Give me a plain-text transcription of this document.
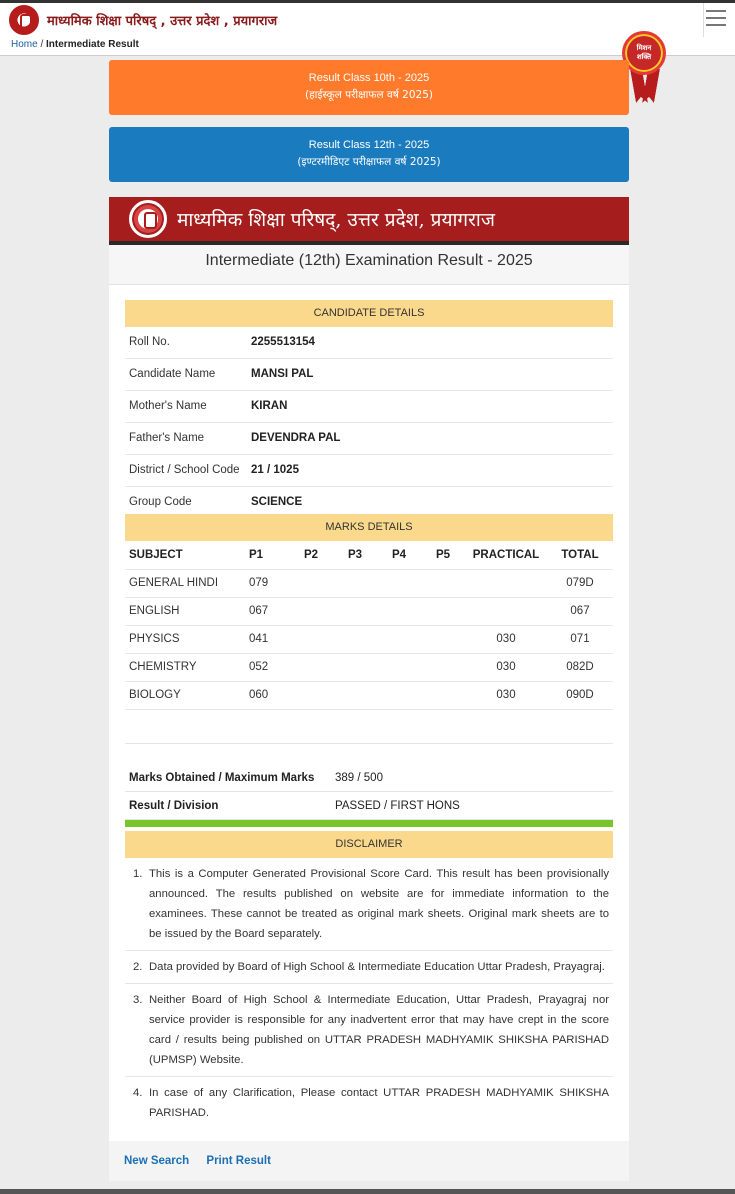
माध्यमिक शिक्षा परिषद् , उत्तर प्रदेश , प्रयागराज
Home / Intermediate Result	मिशन
शक्ति
Result Class 10th - 2025
(हाईस्कूल परीक्षाफल वर्ष 2025)
Result Class 12th - 2025
(इण्टरमीडिएट परीक्षाफल वर्ष 2025)
माध्यमिक शिक्षा परिषद्, उत्तर प्रदेश, प्रयागराज
Intermediate (12th) Examination Result - 2025
CANDIDATE DETAILS
Roll No.	2255513154
Candidate Name	MANSI PAL
Mother's Name	KIRAN
Father's Name	DEVENDRA PAL
District / School Code 21 / 1025
Group Code	SCIENCE
MARKS DETAILS
SUBJECT	P1	P2	P3	P4	P5	PRACTICAL	TOTAL
GENERAL HINDI	079						079D
ENGLISH	067						067
PHYSICS	041					030	071
CHEMISTRY	052					030	082D
BIOLOGY	060					030	090D
Marks Obtained / Maximum Marks	389 / 500
Result / Division	PASSED / FIRST HONS
DISCLAIMER
1. This is a Computer Generated Provisional Score Card. This result has been provisionally announced. The results published on website are for immediate information to the examinees. These cannot be treated as original mark sheets. Original mark sheets are to be issued by the Board separately.
2. Data provided by Board of High School & Intermediate Education Uttar Pradesh, Prayagraj.
3. Neither Board of High School & Intermediate Education, Uttar Pradesh, Prayagraj nor service provider is responsible for any inadvertent error that may have crept in the score card / results being published on UTTAR PRADESH MADHYAMIK SHIKSHA PARISHAD (UPMSP) Website.
4. In case of any Clarification, Please contact UTTAR PRADESH MADHYAMIK SHIKSHA PARISHAD.
New Search Print Result
